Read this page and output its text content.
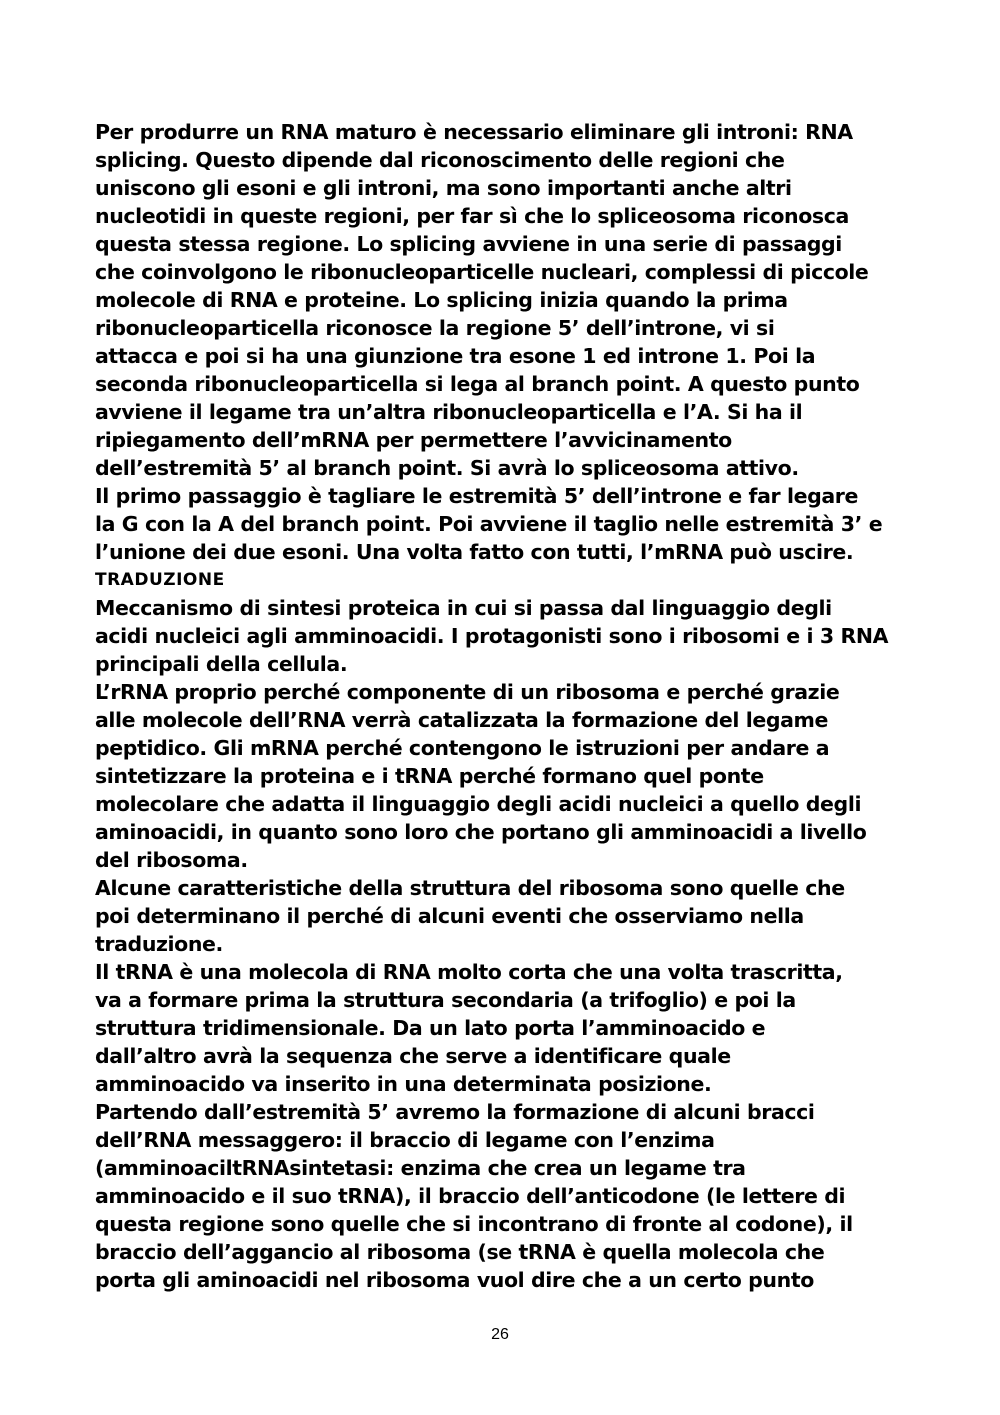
Per produrre un RNA maturo è necessario eliminare gli introni: RNA
splicing. Questo dipende dal riconoscimento delle regioni che
uniscono gli esoni e gli introni, ma sono importanti anche altri
nucleotidi in queste regioni, per far sì che lo spliceosoma riconosca
questa stessa regione. Lo splicing avviene in una serie di passaggi
che coinvolgono le ribonucleoparticelle nucleari, complessi di piccole
molecole di RNA e proteine. Lo splicing inizia quando la prima
ribonucleoparticella riconosce la regione 5’ dell’introne, vi si
attacca e poi si ha una giunzione tra esone 1 ed introne 1. Poi la
seconda ribonucleoparticella si lega al branch point. A questo punto
avviene il legame tra un’altra ribonucleoparticella e l’A. Si ha il
ripiegamento dell’mRNA per permettere l’avvicinamento
dell’estremità 5’ al branch point. Si avrà lo spliceosoma attivo.
Il primo passaggio è tagliare le estremità 5’ dell’introne e far legare
la G con la A del branch point. Poi avviene il taglio nelle estremità 3’ e
l’unione dei due esoni. Una volta fatto con tutti, l’mRNA può uscire.
TRADUZIONE
Meccanismo di sintesi proteica in cui si passa dal linguaggio degli
acidi nucleici agli amminoacidi. I protagonisti sono i ribosomi e i 3 RNA
principali della cellula.
L’rRNA proprio perché componente di un ribosoma e perché grazie
alle molecole dell’RNA verrà catalizzata la formazione del legame
peptidico. Gli mRNA perché contengono le istruzioni per andare a
sintetizzare la proteina e i tRNA perché formano quel ponte
molecolare che adatta il linguaggio degli acidi nucleici a quello degli
aminoacidi, in quanto sono loro che portano gli amminoacidi a livello
del ribosoma.
Alcune caratteristiche della struttura del ribosoma sono quelle che
poi determinano il perché di alcuni eventi che osserviamo nella
traduzione.
Il tRNA è una molecola di RNA molto corta che una volta trascritta,
va a formare prima la struttura secondaria (a trifoglio) e poi la
struttura tridimensionale. Da un lato porta l’amminoacido e
dall’altro avrà la sequenza che serve a identificare quale
amminoacido va inserito in una determinata posizione.
Partendo dall’estremità 5’ avremo la formazione di alcuni bracci
dell’RNA messaggero: il braccio di legame con l’enzima
(amminoaciltRNAsintetasi: enzima che crea un legame tra
amminoacido e il suo tRNA), il braccio dell’anticodone (le lettere di
questa regione sono quelle che si incontrano di fronte al codone), il
braccio dell’aggancio al ribosoma (se tRNA è quella molecola che
porta gli aminoacidi nel ribosoma vuol dire che a un certo punto
26
